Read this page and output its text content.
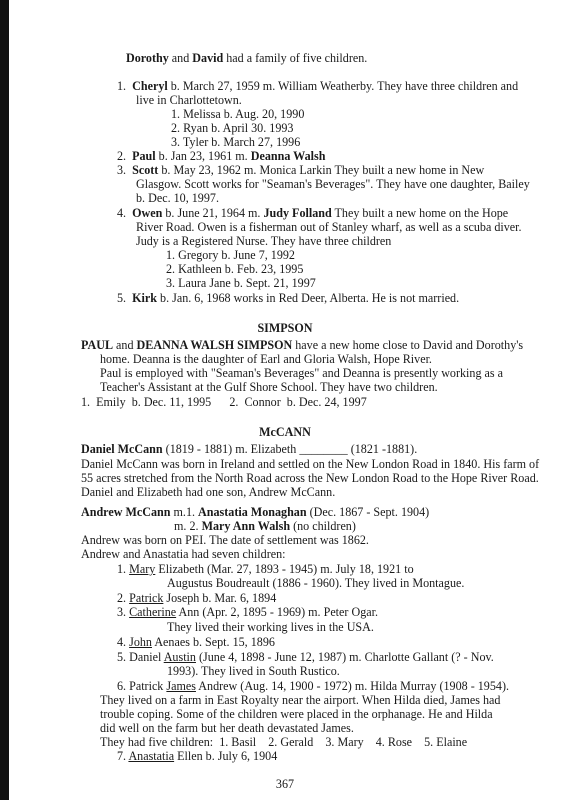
Dorothy and David had a family of five children.
1. Cheryl b. March 27, 1959 m. William Weatherby. They have three children and
live in Charlottetown.
1. Melissa b. Aug. 20, 1990
2. Ryan b. April 30. 1993
3. Tyler b. March 27, 1996
2. Paul b. Jan 23, 1961 m. Deanna Walsh
3. Scott b. May 23, 1962 m. Monica Larkin They built a new home in New
Glasgow. Scott works for "Seaman's Beverages". They have one daughter, Bailey
b. Dec. 10, 1997.
4. Owen b. June 21, 1964 m. Judy Folland They built a new home on the Hope
River Road. Owen is a fisherman out of Stanley wharf, as well as a scuba diver.
Judy is a Registered Nurse. They have three children
1. Gregory b. June 7, 1992
2. Kathleen b. Feb. 23, 1995
3. Laura Jane b. Sept. 21, 1997
5. Kirk b. Jan. 6, 1968 works in Red Deer, Alberta. He is not married.
SIMPSON
PAUL and DEANNA WALSH SIMPSON have a new home close to David and Dorothy's
home. Deanna is the daughter of Earl and Gloria Walsh, Hope River.
Paul is employed with "Seaman's Beverages" and Deanna is presently working as a
Teacher's Assistant at the Gulf Shore School. They have two children.
1.  Emily  b. Dec. 11, 1995      2.  Connor  b. Dec. 24, 1997
McCANN
Daniel McCann (1819 - 1881) m. Elizabeth ________ (1821 -1881).
Daniel McCann was born in Ireland and settled on the New London Road in 1840. His farm of
55 acres stretched from the North Road across the New London Road to the Hope River Road.
Daniel and Elizabeth had one son, Andrew McCann.
Andrew McCann m.1. Anastatia Monaghan (Dec. 1867 - Sept. 1904)
m. 2. Mary Ann Walsh (no children)
Andrew was born on PEI. The date of settlement was 1862.
Andrew and Anastatia had seven children:
1. Mary Elizabeth (Mar. 27, 1893 - 1945) m. July 18, 1921 to
Augustus Boudreault (1886 - 1960). They lived in Montague.
2. Patrick Joseph b. Mar. 6, 1894
3. Catherine Ann (Apr. 2, 1895 - 1969) m. Peter Ogar.
They lived their working lives in the USA.
4. John Aenaes b. Sept. 15, 1896
5. Daniel Austin (June 4, 1898 - June 12, 1987) m. Charlotte Gallant (? - Nov.
1993). They lived in South Rustico.
6. Patrick James Andrew (Aug. 14, 1900 - 1972) m. Hilda Murray (1908 - 1954).
They lived on a farm in East Royalty near the airport. When Hilda died, James had
trouble coping. Some of the children were placed in the orphanage. He and Hilda
did well on the farm but her death devastated James.
They had five children:  1. Basil    2. Gerald    3. Mary    4. Rose    5. Elaine
7. Anastatia Ellen b. July 6, 1904
367
